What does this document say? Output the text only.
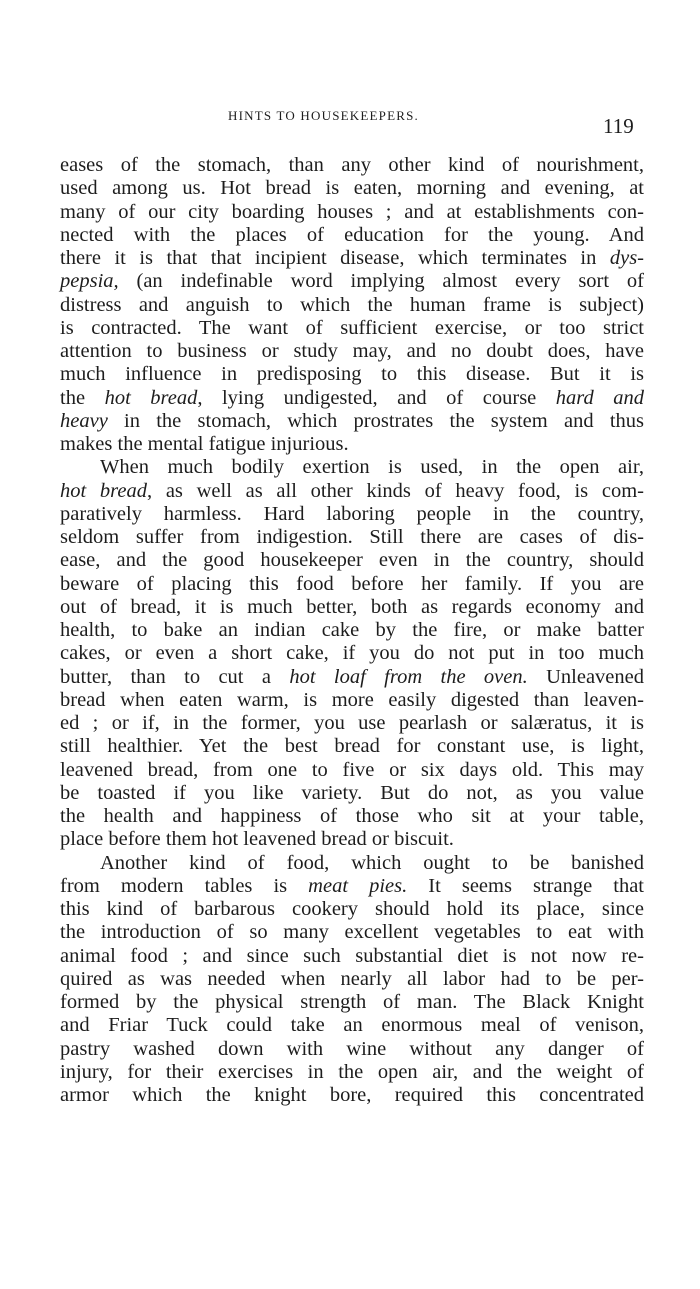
HINTS TO HOUSEKEEPERS.	119
eases of the stomach, than any other kind of nourishment,
used among us. Hot bread is eaten, morning and evening, at
many of our city boarding houses ; and at establishments con-
nected with the places of education for the young. And
there it is that that incipient disease, which terminates in dys-
pepsia, (an indefinable word implying almost every sort of
distress and anguish to which the human frame is subject)
is contracted. The want of sufficient exercise, or too strict
attention to business or study may, and no doubt does, have
much influence in predisposing to this disease. But it is
the hot bread, lying undigested, and of course hard and
heavy in the stomach, which prostrates the system and thus
makes the mental fatigue injurious.
When much bodily exertion is used, in the open air,
hot bread, as well as all other kinds of heavy food, is com-
paratively harmless. Hard laboring people in the country,
seldom suffer from indigestion. Still there are cases of dis-
ease, and the good housekeeper even in the country, should
beware of placing this food before her family. If you are
out of bread, it is much better, both as regards economy and
health, to bake an indian cake by the fire, or make batter
cakes, or even a short cake, if you do not put in too much
butter, than to cut a hot loaf from the oven. Unleavened
bread when eaten warm, is more easily digested than leaven-
ed ; or if, in the former, you use pearlash or salæratus, it is
still healthier. Yet the best bread for constant use, is light,
leavened bread, from one to five or six days old. This may
be toasted if you like variety. But do not, as you value
the health and happiness of those who sit at your table,
place before them hot leavened bread or biscuit.
Another kind of food, which ought to be banished
from modern tables is meat pies. It seems strange that
this kind of barbarous cookery should hold its place, since
the introduction of so many excellent vegetables to eat with
animal food ; and since such substantial diet is not now re-
quired as was needed when nearly all labor had to be per-
formed by the physical strength of man. The Black Knight
and Friar Tuck could take an enormous meal of venison,
pastry washed down with wine without any danger of
injury, for their exercises in the open air, and the weight of
armor which the knight bore, required this concentrated
